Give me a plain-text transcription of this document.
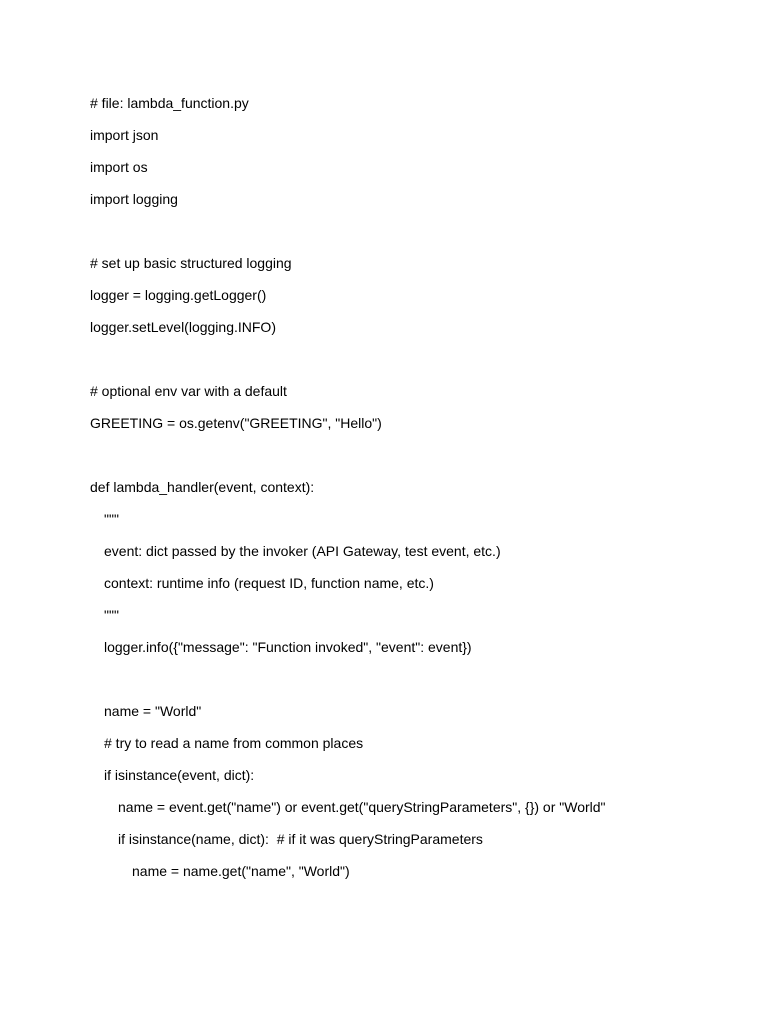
# file: lambda_function.py
import json
import os
import logging
# set up basic structured logging
logger = logging.getLogger()
logger.setLevel(logging.INFO)
# optional env var with a default
GREETING = os.getenv("GREETING", "Hello")
def lambda_handler(event, context):
"""
event: dict passed by the invoker (API Gateway, test event, etc.)
context: runtime info (request ID, function name, etc.)
"""
logger.info({"message": "Function invoked", "event": event})
name = "World"
# try to read a name from common places
if isinstance(event, dict):
name = event.get("name") or event.get("queryStringParameters", {}) or "World"
if isinstance(name, dict):  # if it was queryStringParameters
name = name.get("name", "World")
